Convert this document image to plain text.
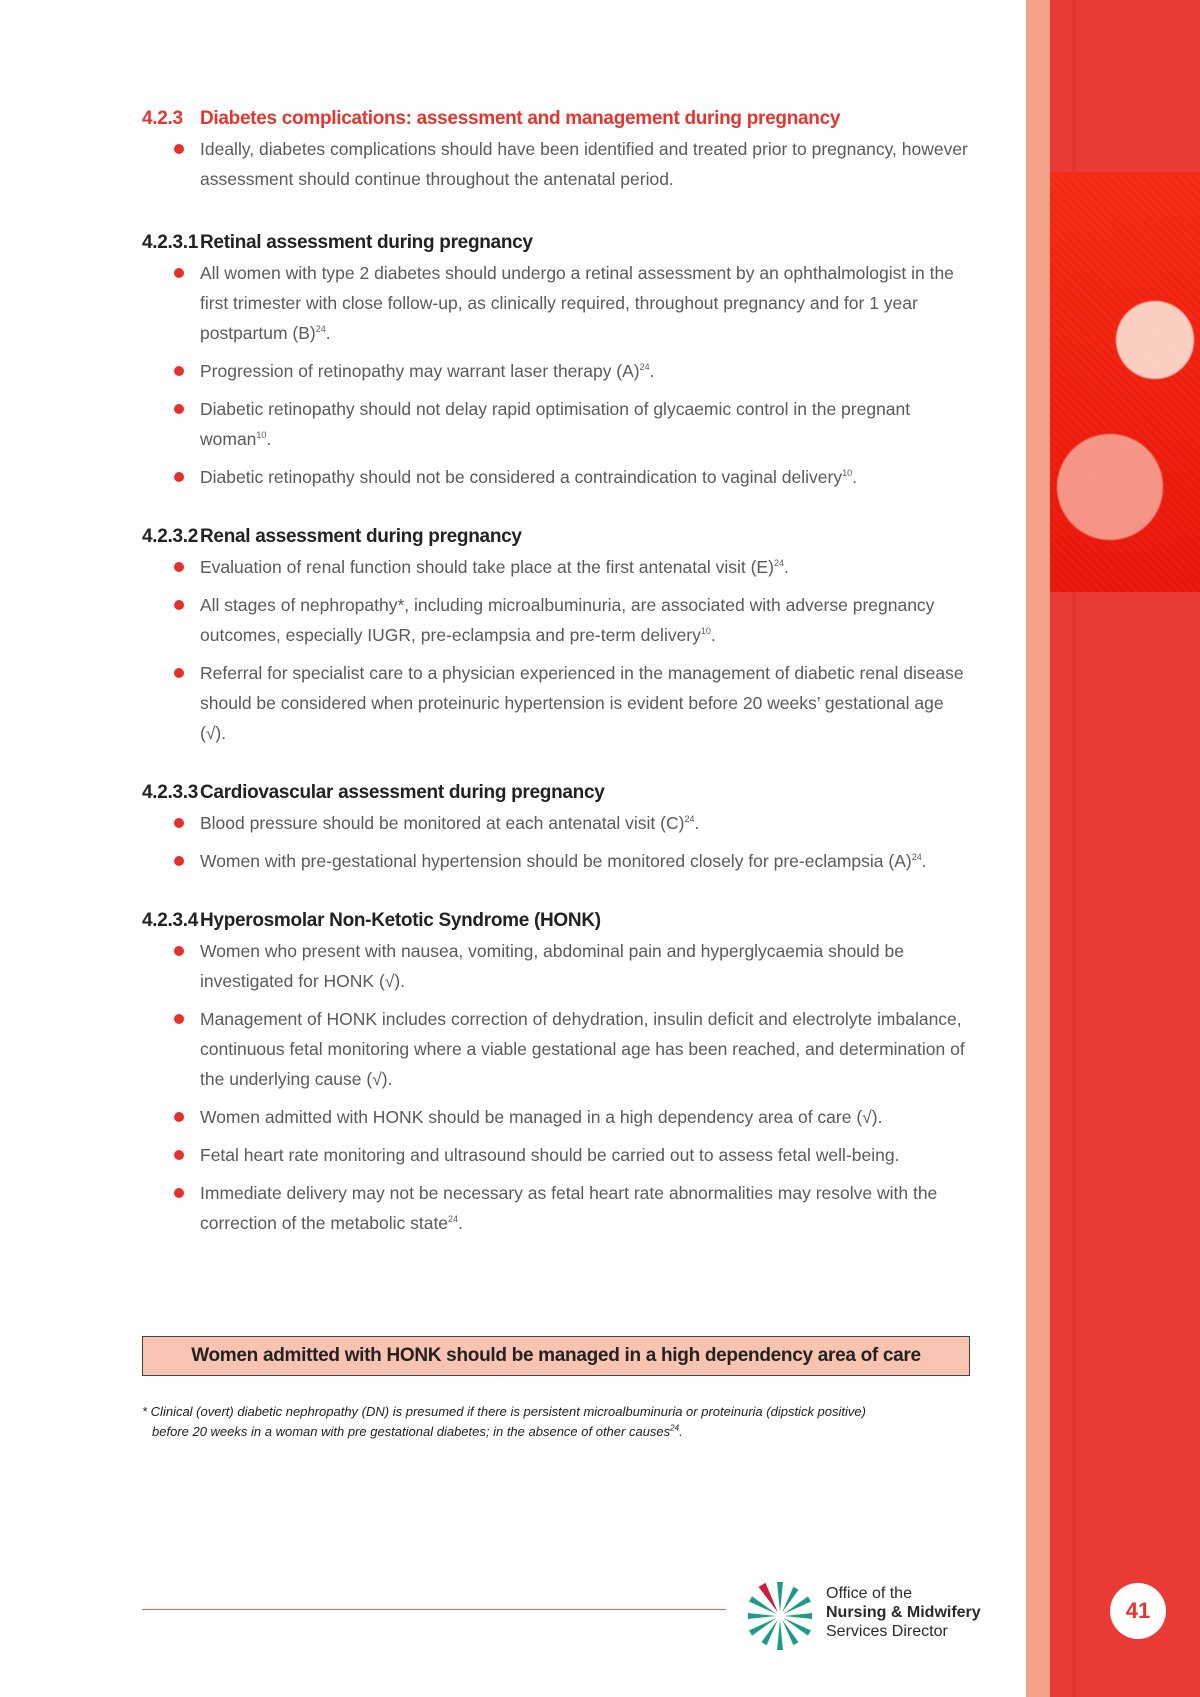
4.2.3 Diabetes complications: assessment and management during pregnancy
Ideally, diabetes complications should have been identified and treated prior to pregnancy, however assessment should continue throughout the antenatal period.
4.2.3.1 Retinal assessment during pregnancy
All women with type 2 diabetes should undergo a retinal assessment by an ophthalmologist in the first trimester with close follow-up, as clinically required, throughout pregnancy and for 1 year postpartum $(B)^{24}$.
Progression of retinopathy may warrant laser therapy $(A)^{24}$.
Diabetic retinopathy should not delay rapid optimisation of glycaemic control in the pregnant woman$^{10}$.
Diabetic retinopathy should not be considered a contraindication to vaginal delivery$^{10}$.
4.2.3.2 Renal assessment during pregnancy
Evaluation of renal function should take place at the first antenatal visit $(E)^{24}$.
All stages of nephropathy*, including microalbuminuria, are associated with adverse pregnancy outcomes, especially IUGR, pre-eclampsia and pre-term delivery$^{10}$.
Referral for specialist care to a physician experienced in the management of diabetic renal disease should be considered when proteinuric hypertension is evident before 20 weeks’ gestational age (√).
4.2.3.3 Cardiovascular assessment during pregnancy
Blood pressure should be monitored at each antenatal visit $(C)^{24}$.
Women with pre-gestational hypertension should be monitored closely for pre-eclampsia $(A)^{24}$.
4.2.3.4 Hyperosmolar Non-Ketotic Syndrome (HONK)
Women who present with nausea, vomiting, abdominal pain and hyperglycaemia should be investigated for HONK (√).
Management of HONK includes correction of dehydration, insulin deficit and electrolyte imbalance, continuous fetal monitoring where a viable gestational age has been reached, and determination of the underlying cause (√).
Women admitted with HONK should be managed in a high dependency area of care (√).
Fetal heart rate monitoring and ultrasound should be carried out to assess fetal well-being.
Immediate delivery may not be necessary as fetal heart rate abnormalities may resolve with the correction of the metabolic state$^{24}$.
Women admitted with HONK should be managed in a high dependency area of care
* Clinical (overt) diabetic nephropathy (DN) is presumed if there is persistent microalbuminuria or proteinuria (dipstick positive)
before 20 weeks in a woman with pre gestational diabetes; in the absence of other causes$^{24}$.
Office of the
Nursing & Midwifery
Services Director
41
